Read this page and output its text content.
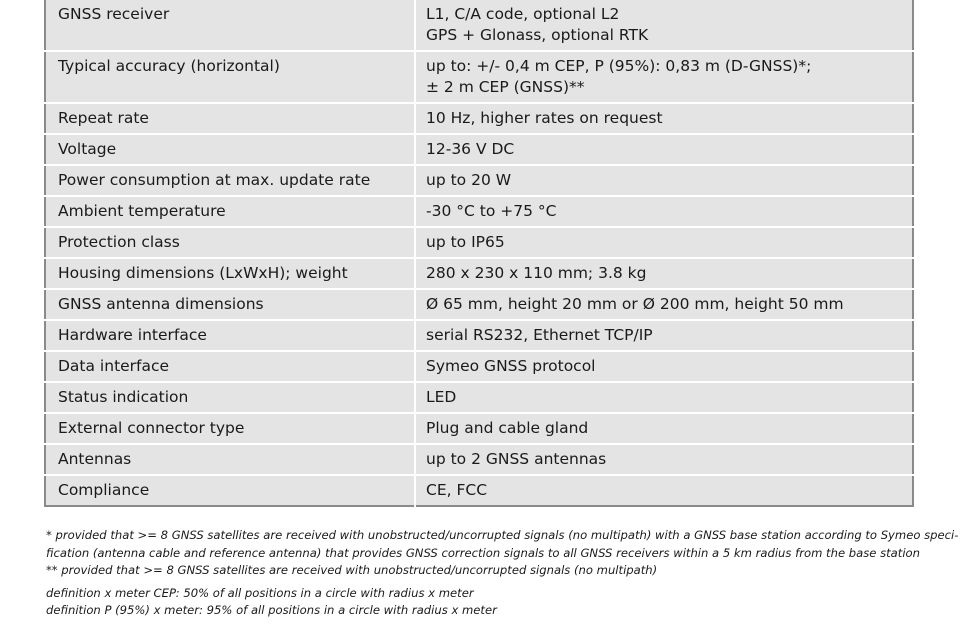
GNSS receiver	L1, C/A code, optional L2
GPS + Glonass, optional RTK

Typical accuracy (horizontal)	up to: +/- 0,4 m CEP, P (95%): 0,83 m (D-GNSS)*;
± 2 m CEP (GNSS)**

Repeat rate	10 Hz, higher rates on request
Voltage	12-36 V DC
Power consumption at max. update rate	up to 20 W
Ambient temperature	-30 °C to +75 °C
Protection class	up to IP65
Housing dimensions (LxWxH); weight	280 x 230 x 110 mm; 3.8 kg
GNSS antenna dimensions	Ø 65 mm, height 20 mm or Ø 200 mm, height 50 mm
Hardware interface	serial RS232, Ethernet TCP/IP
Data interface	Symeo GNSS protocol
Status indication	LED
External connector type	Plug and cable gland
Antennas	up to 2 GNSS antennas
Compliance	CE, FCC
* provided that >= 8 GNSS satellites are received with unobstructed/uncorrupted signals (no multipath) with a GNSS base station according to Symeo speci-
fication (antenna cable and reference antenna) that provides GNSS correction signals to all GNSS receivers within a 5 km radius from the base station
** provided that >= 8 GNSS satellites are received with unobstructed/uncorrupted signals (no multipath)
definition x meter CEP: 50% of all positions in a circle with radius x meter
definition P (95%) x meter: 95% of all positions in a circle with radius x meter
